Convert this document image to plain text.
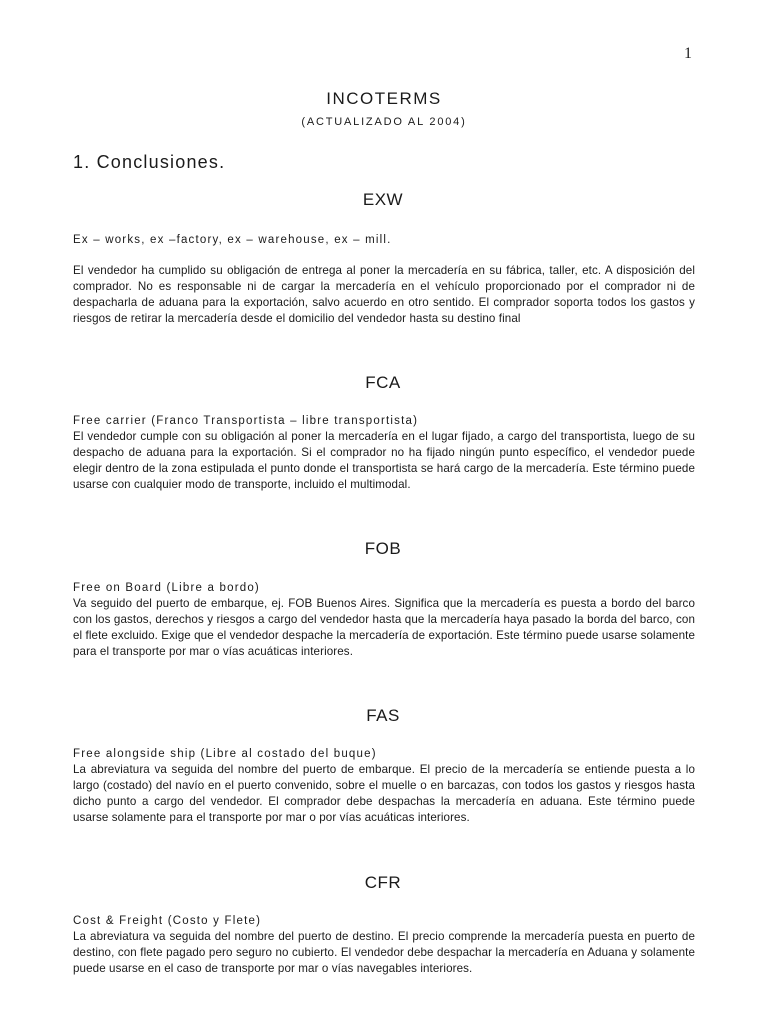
1
INCOTERMS
(ACTUALIZADO AL 2004)
1. Conclusiones.
EXW
Ex – works, ex –factory, ex – warehouse, ex – mill.

El vendedor ha cumplido su obligación de entrega al poner la mercadería en su fábrica, taller, etc. A disposición del comprador. No es responsable ni de cargar la mercadería en el vehículo proporcionado por el comprador ni de despacharla de aduana para la exportación, salvo acuerdo en otro sentido. El comprador soporta todos los gastos y riesgos de retirar la mercadería desde el domicilio del vendedor hasta su destino final

FCA
Free carrier (Franco Transportista – libre transportista)

El vendedor cumple con su obligación al poner la mercadería en el lugar fijado, a cargo del transportista, luego de su despacho de aduana para la exportación. Si el comprador no ha fijado ningún punto específico, el vendedor puede elegir dentro de la zona estipulada el punto donde el transportista se hará cargo de la mercadería. Este término puede usarse con cualquier modo de transporte, incluido el multimodal.

FOB
Free on Board (Libre a bordo)

Va seguido del puerto de embarque, ej. FOB Buenos Aires. Significa que la mercadería es puesta a bordo del barco con los gastos, derechos y riesgos a cargo del vendedor hasta que la mercadería haya pasado la borda del barco, con el flete excluido. Exige que el vendedor despache la mercadería de exportación. Este término puede usarse solamente para el transporte por mar o vías acuáticas interiores.

FAS
Free alongside ship (Libre al costado del buque)

La abreviatura va seguida del nombre del puerto de embarque. El precio de la mercadería se entiende puesta a lo largo (costado) del navío en el puerto convenido, sobre el muelle o en barcazas, con todos los gastos y riesgos hasta dicho punto a cargo del vendedor. El comprador debe despachas la mercadería en aduana. Este término puede usarse solamente para el transporte por mar o por vías acuáticas interiores.

CFR
Cost & Freight (Costo y Flete)

La abreviatura va seguida del nombre del puerto de destino. El precio comprende la mercadería puesta en puerto de destino, con flete pagado pero seguro no cubierto. El vendedor debe despachar la mercadería en Aduana y solamente puede usarse en el caso de transporte por mar o vías navegables interiores.
